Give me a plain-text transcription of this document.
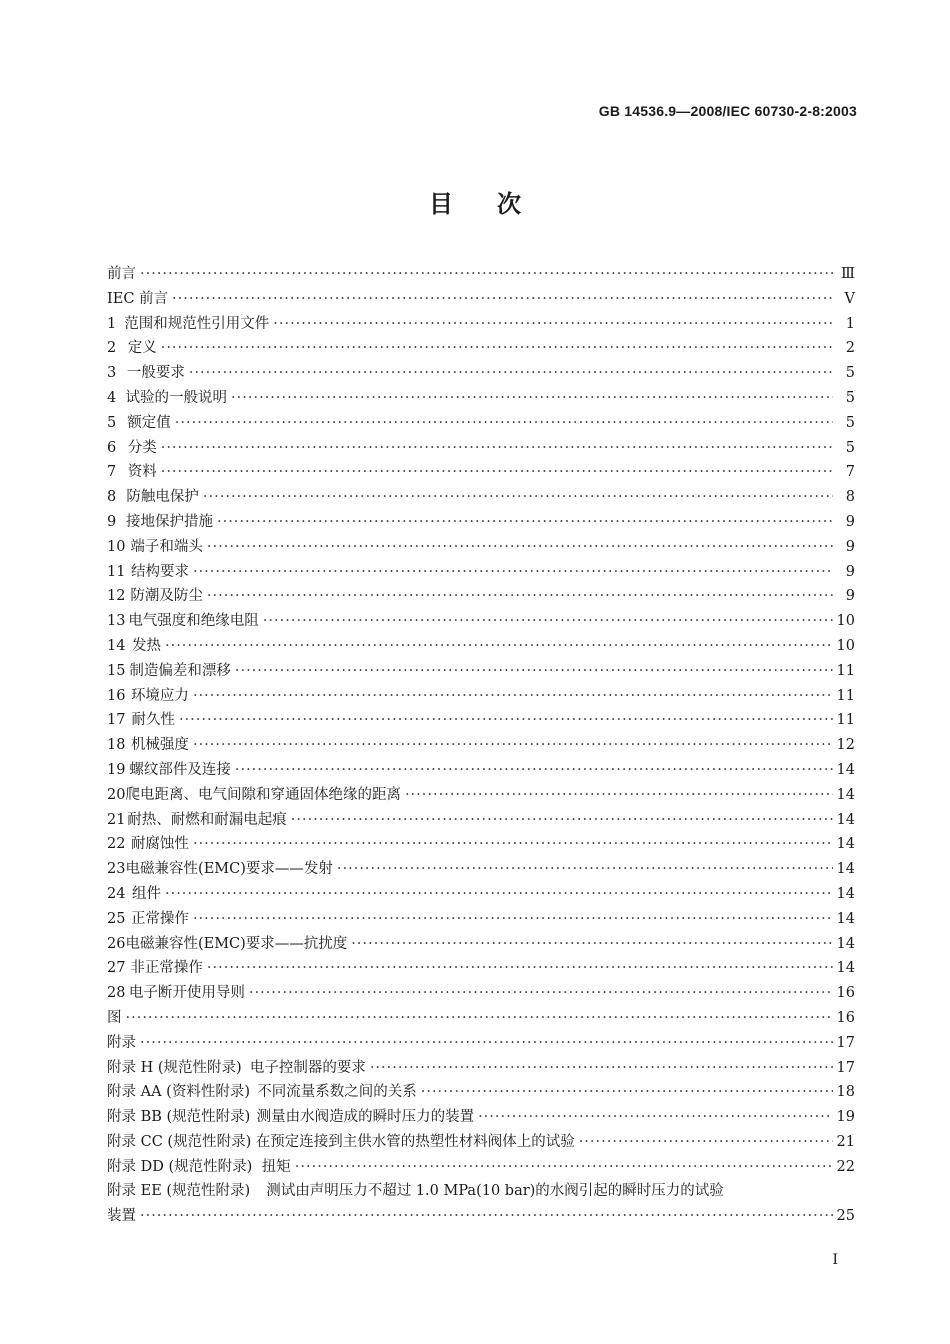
GB 14536.9—2008/IEC 60730-2-8:2003
目次
前言 ·····	Ⅲ
IEC 前言 ·····	V
1 范围和规范性引用文件 ·····	1
2 定义 ·····	2
3 一般要求 ·····	5
4 试验的一般说明 ·····	5
5 额定值 ·····	5
6 分类 ·····	5
7 资料 ·····	7
8 防触电保护 ·····	8
9 接地保护措施 ·····	9
10 端子和端头 ·····	9
11 结构要求 ·····	9
12 防潮及防尘 ·····	9
13 电气强度和绝缘电阻 ·····	10
14 发热 ·····	10
15 制造偏差和漂移 ·····	11
16 环境应力 ·····	11
17 耐久性 ·····	11
18 机械强度 ·····	12
19 螺纹部件及连接 ·····	14
20 爬电距离、电气间隙和穿通固体绝缘的距离 ·····	14
21 耐热、耐燃和耐漏电起痕 ·····	14
22 耐腐蚀性 ·····	14
23 电磁兼容性(EMC)要求——发射 ·····	14
24 组件 ·····	14
25 正常操作 ·····	14
26 电磁兼容性(EMC)要求——抗扰度 ·····	14
27 非正常操作 ·····	14
28 电子断开使用导则 ·····	16
图 ·····	16
附录 ·····	17
附录 H (规范性附录) 电子控制器的要求 ·····	17
附录 AA (资料性附录) 不同流量系数之间的关系 ·····	18
附录 BB (规范性附录) 测量由水阀造成的瞬时压力的装置 ·····	19
附录 CC (规范性附录) 在预定连接到主供水管的热塑性材料阀体上的试验 ·····	21
附录 DD (规范性附录) 扭矩 ·····	22
附录 EE (规范性附录) 测试由声明压力不超过 1.0 MPa(10 bar)的水阀引起的瞬时压力的试验
装置 ·····	25
I
